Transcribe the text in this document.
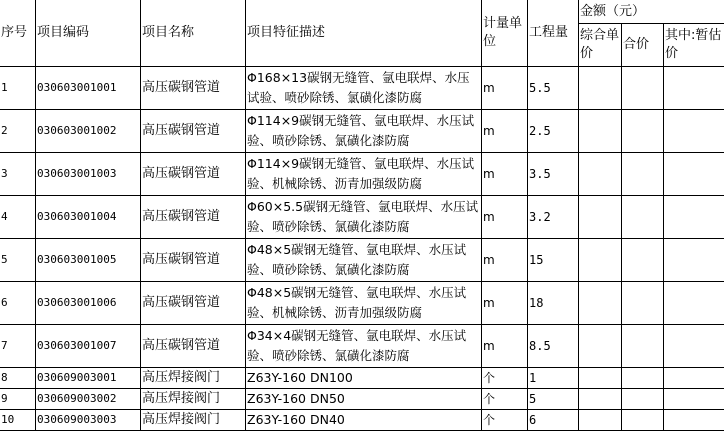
序号	项目编码	项目名称	项目特征描述	计量单位	工程量	金额（元）		
						综合单价	合价	其中:暂估价
1	030603001001	高压碳钢管道	Φ168×13碳钢无缝管、氩电联焊、水压试验、喷砂除锈、氯磺化漆防腐	m	5.5			
2	030603001002	高压碳钢管道	Φ114×9碳钢无缝管、氩电联焊、水压试验、喷砂除锈、氯磺化漆防腐	m	2.5			
3	030603001003	高压碳钢管道	Φ114×9碳钢无缝管、氩电联焊、水压试验、机械除锈、沥青加强级防腐	m	3.5			
4	030603001004	高压碳钢管道	Φ60×5.5碳钢无缝管、氩电联焊、水压试验、喷砂除锈、氯磺化漆防腐	m	3.2			
5	030603001005	高压碳钢管道	Φ48×5碳钢无缝管、氩电联焊、水压试验、喷砂除锈、氯磺化漆防腐	m	15			
6	030603001006	高压碳钢管道	Φ48×5碳钢无缝管、氩电联焊、水压试验、机械除锈、沥青加强级防腐	m	18			
7	030603001007	高压碳钢管道	Φ34×4碳钢无缝管、氩电联焊、水压试验、喷砂除锈、氯磺化漆防腐	m	8.5			
8	030609003001	高压焊接阀门	Z63Y-160 DN100	个	1			
9	030609003002	高压焊接阀门	Z63Y-160 DN50	个	5			
10	030609003003	高压焊接阀门	Z63Y-160 DN40	个	6			
